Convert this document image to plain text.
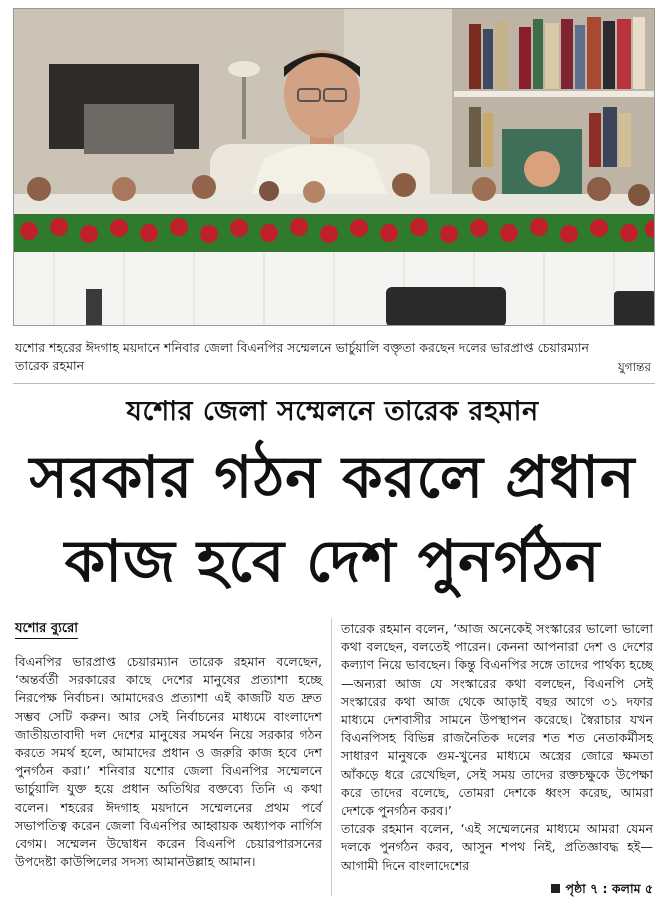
যশোর শহরের ঈদগাহ ময়দানে শনিবার জেলা বিএনপির সম্মেলনে ভার্চুয়ালি বক্তৃতা করছেন দলের ভারপ্রাপ্ত চেয়ারম্যান তারেক রহমান	যুগান্তর
যশোর জেলা সম্মেলনে তারেক রহমান
সরকার গঠন করলে প্রধান
কাজ হবে দেশ পুনর্গঠন
যশোর ব্যুরো

বিএনপির ভারপ্রাপ্ত চেয়ারম্যান তারেক রহমান বলেছেন, ‘অন্তর্বর্তী সরকারের কাছে দেশের মানুষের প্রত্যাশা হচ্ছে নিরপেক্ষ নির্বাচন। আমাদেরও প্রত্যাশা এই কাজটি যত দ্রুত সম্ভব সেটি করুন। আর সেই নির্বাচনের মাধ্যমে বাংলাদেশ জাতীয়তাবাদী দল দেশের মানুষের সমর্থন নিয়ে সরকার গঠন করতে সমর্থ হলে, আমাদের প্রধান ও জরুরি কাজ হবে দেশ পুনর্গঠন করা।’ শনিবার যশোর জেলা বিএনপির সম্মেলনে ভার্চুয়ালি যুক্ত হয়ে প্রধান অতিথির বক্তব্যে তিনি এ কথা বলেন। শহরের ঈদগাহ ময়দানে সম্মেলনের প্রথম পর্বে সভাপতিত্ব করেন জেলা বিএনপির আহ্বায়ক অধ্যাপক নার্গিস বেগম। সম্মেলন উদ্বোধন করেন বিএনপি চেয়ারপারসনের উপদেষ্টা কাউন্সিলের সদস্য আমানউল্লাহ আমান।

তারেক রহমান বলেন, ‘আজ অনেকেই সংস্কারের ভালো ভালো কথা বলছেন, বলতেই পারেন। কেননা আপনারা দেশ ও দেশের কল্যাণ নিয়ে ভাবছেন। কিন্তু বিএনপির সঙ্গে তাদের পার্থক্য হচ্ছে—অন্যরা আজ যে সংস্কারের কথা বলছেন, বিএনপি সেই সংস্কারের কথা আজ থেকে আড়াই বছর আগে ৩১ দফার মাধ্যমে দেশবাসীর সামনে উপস্থাপন করেছে। স্বৈরাচার যখন বিএনপিসহ বিভিন্ন রাজনৈতিক দলের শত শত নেতাকর্মীসহ সাধারণ মানুষকে গুম-খুনের মাধ্যমে অস্ত্রের জোরে ক্ষমতা আঁকড়ে ধরে রেখেছিল, সেই সময় তাদের রক্তচক্ষুকে উপেক্ষা করে তাদের বলেছে, তোমরা দেশকে ধ্বংস করেছ, আমরা দেশকে পুনর্গঠন করব।’

তারেক রহমান বলেন, ‘এই সম্মেলনের মাধ্যমে আমরা যেমন দলকে পুনর্গঠন করব, আসুন শপথ নিই, প্রতিজ্ঞাবদ্ধ হই—আগামী দিনে বাংলাদেশের

পৃষ্ঠা ৭ : কলাম ৫
